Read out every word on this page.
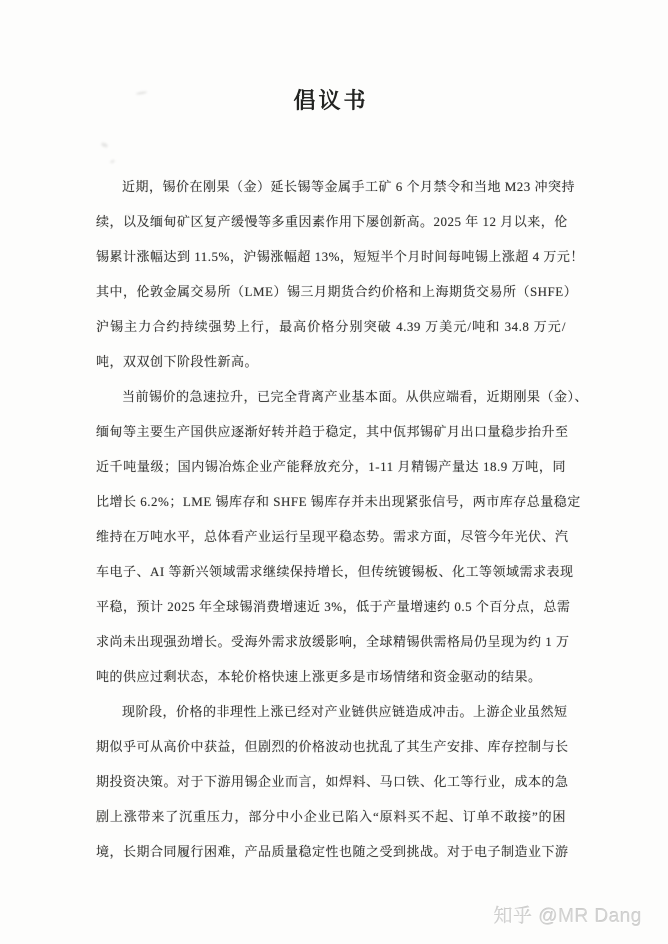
倡议书
近期，锡价在刚果（金）延长锡等金属手工矿 6 个月禁令和当地 M23 冲突持
续，以及缅甸矿区复产缓慢等多重因素作用下屡创新高。2025 年 12 月以来，伦
锡累计涨幅达到 11.5%，沪锡涨幅超 13%，短短半个月时间每吨锡上涨超 4 万元！
其中，伦敦金属交易所（LME）锡三月期货合约价格和上海期货交易所（SHFE）
沪锡主力合约持续强势上行，最高价格分别突破 4.39 万美元/吨和 34.8 万元/
吨，双双创下阶段性新高。
当前锡价的急速拉升，已完全背离产业基本面。从供应端看，近期刚果（金）、
缅甸等主要生产国供应逐渐好转并趋于稳定，其中佤邦锡矿月出口量稳步抬升至
近千吨量级；国内锡冶炼企业产能释放充分，1-11 月精锡产量达 18.9 万吨，同
比增长 6.2%；LME 锡库存和 SHFE 锡库存并未出现紧张信号，两市库存总量稳定
维持在万吨水平，总体看产业运行呈现平稳态势。需求方面，尽管今年光伏、汽
车电子、AI 等新兴领域需求继续保持增长，但传统镀锡板、化工等领域需求表现
平稳，预计 2025 年全球锡消费增速近 3%，低于产量增速约 0.5 个百分点，总需
求尚未出现强劲增长。受海外需求放缓影响，全球精锡供需格局仍呈现为约 1 万
吨的供应过剩状态，本轮价格快速上涨更多是市场情绪和资金驱动的结果。
现阶段，价格的非理性上涨已经对产业链供应链造成冲击。上游企业虽然短
期似乎可从高价中获益，但剧烈的价格波动也扰乱了其生产安排、库存控制与长
期投资决策。对于下游用锡企业而言，如焊料、马口铁、化工等行业，成本的急
剧上涨带来了沉重压力，部分中小企业已陷入“原料买不起、订单不敢接”的困
境，长期合同履行困难，产品质量稳定性也随之受到挑战。对于电子制造业下游
知乎 @MR Dang
